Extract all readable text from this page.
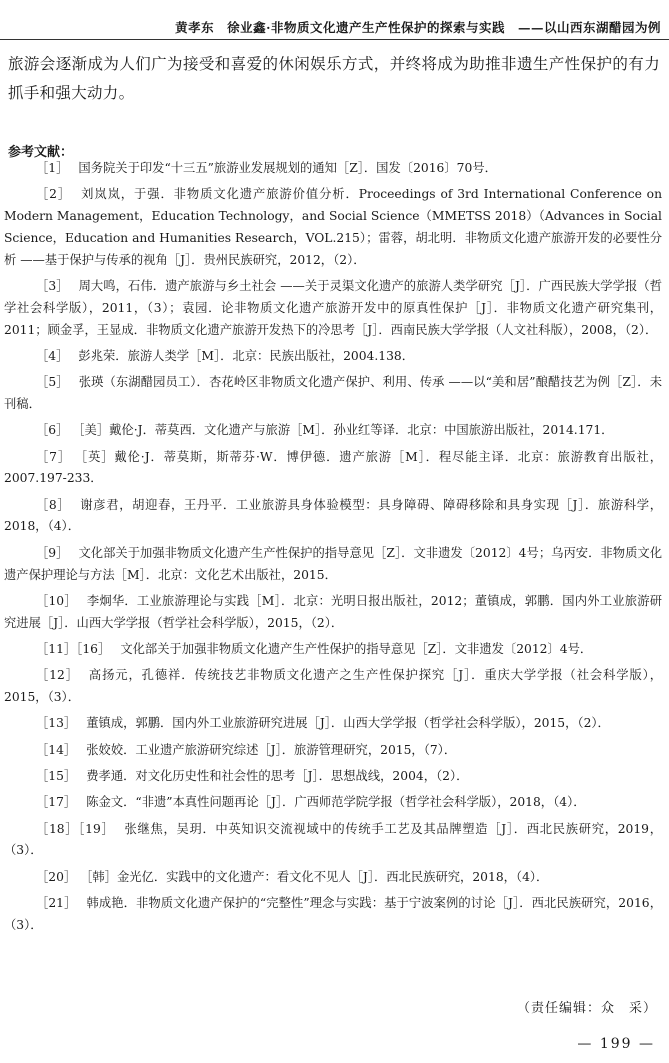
黄孝东　徐业鑫·非物质文化遗产生产性保护的探索与实践　——以山西东湖醋园为例
旅游会逐渐成为人们广为接受和喜爱的休闲娱乐方式，并终将成为助推非遗生产性保护的有力抓手和强大动力。
参考文献：

［1］ 国务院关于印发“十三五”旅游业发展规划的通知［Z］．国发〔2016〕70号．

［2］ 刘岚岚，于强．非物质文化遗产旅游价值分析．Proceedings of 3rd International Conference on Modern Management，Education Technology，and Social Science（MMETSS 2018）（Advances in Social Science，Education and Humanities Research，VOL.215）；雷蓉，胡北明．非物质文化遗产旅游开发的必要性分析 ——基于保护与传承的视角［J］．贵州民族研究，2012，（2）．

［3］ 周大鸣，石伟．遗产旅游与乡土社会 ——关于灵渠文化遗产的旅游人类学研究［J］．广西民族大学学报（哲学社会科学版），2011，（3）；袁园．论非物质文化遗产旅游开发中的原真性保护［J］．非物质文化遗产研究集刊，2011；顾金孚，王显成．非物质文化遗产旅游开发热下的冷思考［J］．西南民族大学学报（人文社科版），2008，（2）．

［4］ 彭兆荣．旅游人类学［M］．北京：民族出版社，2004.138．

［5］ 张瑛（东湖醋园员工）．杏花岭区非物质文化遗产保护、利用、传承 ——以“美和居”酿醋技艺为例［Z］．未刊稿．

［6］ ［美］戴伦·J．蒂莫西．文化遗产与旅游［M］．孙业红等译．北京：中国旅游出版社，2014.171．

［7］ ［英］戴伦·J．蒂莫斯，斯蒂芬·W．博伊德．遗产旅游［M］．程尽能主译．北京：旅游教育出版社，2007.197-233．

［8］ 谢彦君，胡迎春，王丹平．工业旅游具身体验模型：具身障碍、障碍移除和具身实现［J］．旅游科学，2018，（4）．

［9］ 文化部关于加强非物质文化遗产生产性保护的指导意见［Z］．文非遗发〔2012〕4号；乌丙安．非物质文化遗产保护理论与方法［M］．北京：文化艺术出版社，2015．

［10］ 李炯华．工业旅游理论与实践［M］．北京：光明日报出版社，2012；董镇成，郭鹏．国内外工业旅游研究进展［J］．山西大学学报（哲学社会科学版），2015，（2）．

［11］［16］ 文化部关于加强非物质文化遗产生产性保护的指导意见［Z］．文非遗发〔2012〕4号．

［12］ 高扬元，孔德祥．传统技艺非物质文化遗产之生产性保护探究［J］．重庆大学学报（社会科学版），2015，（3）．

［13］ 董镇成，郭鹏．国内外工业旅游研究进展［J］．山西大学学报（哲学社会科学版），2015，（2）．

［14］ 张姣姣．工业遗产旅游研究综述［J］．旅游管理研究，2015，（7）．

［15］ 费孝通．对文化历史性和社会性的思考［J］．思想战线，2004，（2）．

［17］ 陈金文．“非遗”本真性问题再论［J］．广西师范学院学报（哲学社会科学版），2018，（4）．

［18］［19］ 张继焦，吴玥．中英知识交流视域中的传统手工艺及其品牌塑造［J］．西北民族研究，2019，（3）．

［20］ ［韩］金光亿．实践中的文化遗产：看文化不见人［J］．西北民族研究，2018，（4）．

［21］ 韩成艳．非物质文化遗产保护的“完整性”理念与实践：基于宁波案例的讨论［J］．西北民族研究，2016，（3）．

（责任编辑：众　采）
— 199 —
